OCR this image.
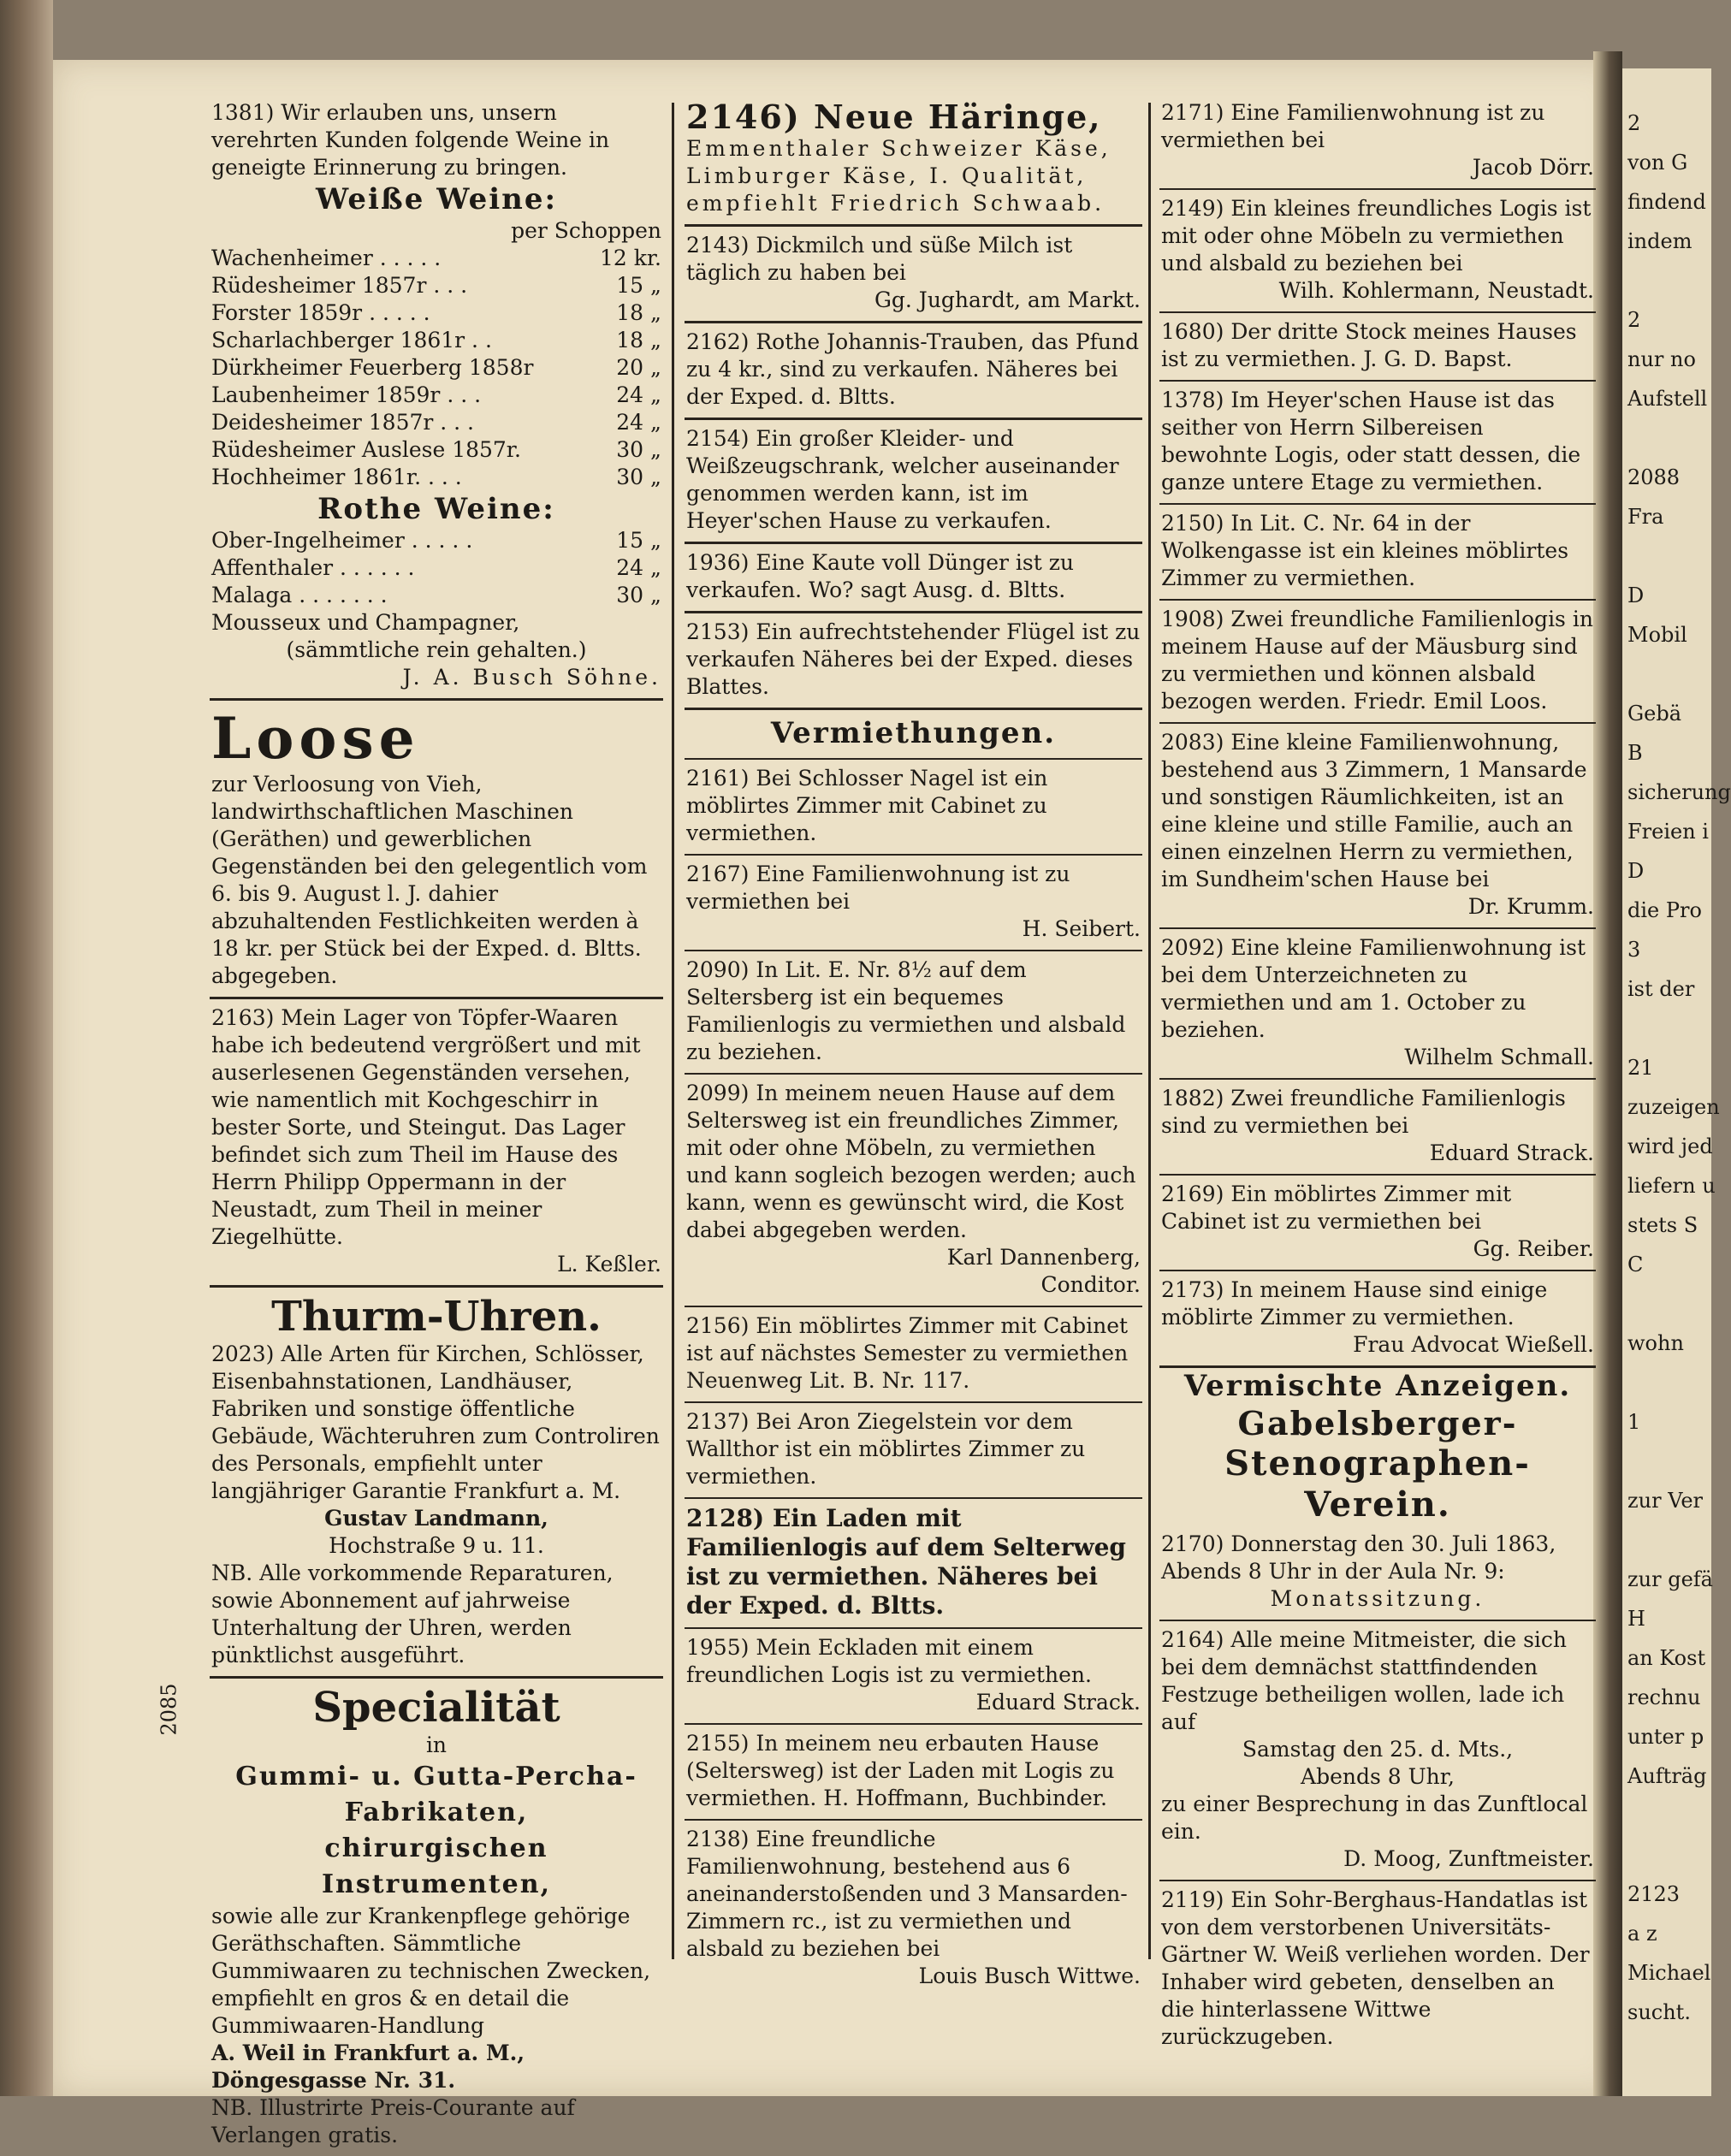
2
von G
findend
indem
2
nur no
Aufstell
2088
Fra
D
Mobil
Gebä
B
sicherung
Freien i
D
die Pro
3
ist der
21
zuzeigen
wird jed
liefern u
stets S
C
wohn
1
zur Ver
zur gefä
H
an Kost
rechnu
unter p
Aufträg
2123
a z
Michael
sucht.
1381) Wir erlauben uns, unsern verehrten Kunden folgende Weine in geneigte Erinnerung zu bringen.
Weiße Weine:
per Schoppen
Wachenheimer . . . . .	12 kr.
Rüdesheimer 1857r . . .	15 „
Forster 1859r . . . . .	18 „
Scharlachberger 1861r . .	18 „
Dürkheimer Feuerberg 1858r	20 „
Laubenheimer 1859r . . .	24 „
Deidesheimer 1857r . . .	24 „
Rüdesheimer Auslese 1857r.	30 „
Hochheimer 1861r. . . .	30 „
Rothe Weine:
Ober-Ingelheimer . . . . .	15 „
Affenthaler . . . . . .	24 „
Malaga . . . . . . .	30 „
Mousseux und Champagner,
(sämmtliche rein gehalten.)
J. A. Busch Söhne.
Loose
zur Verloosung von Vieh, landwirthschaftlichen Maschinen (Geräthen) und gewerblichen Gegenständen bei den gelegentlich vom 6. bis 9. August l. J. dahier abzuhaltenden Festlichkeiten werden à 18 kr. per Stück bei der Exped. d. Bltts. abgegeben.
2163) Mein Lager von Töpfer-Waaren habe ich bedeutend vergrößert und mit auserlesenen Gegenständen versehen, wie namentlich mit Kochgeschirr in bester Sorte, und Steingut. Das Lager befindet sich zum Theil im Hause des Herrn Philipp Oppermann in der Neustadt, zum Theil in meiner Ziegelhütte.
L. Keßler.
Thurm-Uhren.
2023) Alle Arten für Kirchen, Schlösser, Eisenbahnstationen, Landhäuser, Fabriken und sonstige öffentliche Gebäude, Wächteruhren zum Controliren des Personals, empfiehlt unter langjähriger Garantie Frankfurt a. M.
Gustav Landmann,
Hochstraße 9 u. 11.
NB. Alle vorkommende Reparaturen, sowie Abonnement auf jahrweise Unterhaltung der Uhren, werden pünktlichst ausgeführt.
2085	Specialität
in
Gummi- u. Gutta-Percha-Fabrikaten,
chirurgischen Instrumenten,
sowie alle zur Krankenpflege gehörige Geräthschaften. Sämmtliche Gummiwaaren zu technischen Zwecken, empfiehlt en gros & en detail die Gummiwaaren-Handlung
A. Weil in Frankfurt a. M., Döngesgasse Nr. 31.
NB. Illustrirte Preis-Courante auf Verlangen gratis.
2146) Neue Häringe,
Emmenthaler Schweizer Käse,
Limburger Käse, I. Qualität,
empfiehlt Friedrich Schwaab.
2143) Dickmilch und süße Milch ist täglich zu haben bei
Gg. Jughardt, am Markt.
2162) Rothe Johannis-Trauben, das Pfund zu 4 kr., sind zu verkaufen. Näheres bei der Exped. d. Bltts.
2154) Ein großer Kleider- und Weißzeugschrank, welcher auseinander genommen werden kann, ist im Heyer'schen Hause zu verkaufen.
1936) Eine Kaute voll Dünger ist zu verkaufen. Wo? sagt Ausg. d. Bltts.
2153) Ein aufrechtstehender Flügel ist zu verkaufen Näheres bei der Exped. dieses Blattes.
Vermiethungen.
2161) Bei Schlosser Nagel ist ein möblirtes Zimmer mit Cabinet zu vermiethen.
2167) Eine Familienwohnung ist zu vermiethen bei
H. Seibert.
2090) In Lit. E. Nr. 8½ auf dem Seltersberg ist ein bequemes Familienlogis zu vermiethen und alsbald zu beziehen.
2099) In meinem neuen Hause auf dem Seltersweg ist ein freundliches Zimmer, mit oder ohne Möbeln, zu vermiethen und kann sogleich bezogen werden; auch kann, wenn es gewünscht wird, die Kost dabei abgegeben werden.
Karl Dannenberg,
Conditor.
2156) Ein möblirtes Zimmer mit Cabinet ist auf nächstes Semester zu vermiethen Neuenweg Lit. B. Nr. 117.
2137) Bei Aron Ziegelstein vor dem Wallthor ist ein möblirtes Zimmer zu vermiethen.
2128) Ein Laden mit Familienlogis auf dem Selterweg ist zu vermiethen. Näheres bei der Exped. d. Bltts.
1955) Mein Eckladen mit einem freundlichen Logis ist zu vermiethen.
Eduard Strack.
2155) In meinem neu erbauten Hause (Seltersweg) ist der Laden mit Logis zu vermiethen. H. Hoffmann, Buchbinder.
2138) Eine freundliche Familienwohnung, bestehend aus 6 aneinanderstoßenden und 3 Mansarden-Zimmern rc., ist zu vermiethen und alsbald zu beziehen bei
Louis Busch Wittwe.
2171) Eine Familienwohnung ist zu vermiethen bei
Jacob Dörr.
2149) Ein kleines freundliches Logis ist mit oder ohne Möbeln zu vermiethen und alsbald zu beziehen bei
Wilh. Kohlermann, Neustadt.
1680) Der dritte Stock meines Hauses ist zu vermiethen. J. G. D. Bapst.
1378) Im Heyer'schen Hause ist das seither von Herrn Silbereisen bewohnte Logis, oder statt dessen, die ganze untere Etage zu vermiethen.
2150) In Lit. C. Nr. 64 in der Wolkengasse ist ein kleines möblirtes Zimmer zu vermiethen.
1908) Zwei freundliche Familienlogis in meinem Hause auf der Mäusburg sind zu vermiethen und können alsbald bezogen werden. Friedr. Emil Loos.
2083) Eine kleine Familienwohnung, bestehend aus 3 Zimmern, 1 Mansarde und sonstigen Räumlichkeiten, ist an eine kleine und stille Familie, auch an einen einzelnen Herrn zu vermiethen, im Sundheim'schen Hause bei
Dr. Krumm.
2092) Eine kleine Familienwohnung ist bei dem Unterzeichneten zu vermiethen und am 1. October zu beziehen.
Wilhelm Schmall.
1882) Zwei freundliche Familienlogis sind zu vermiethen bei
Eduard Strack.
2169) Ein möblirtes Zimmer mit Cabinet ist zu vermiethen bei
Gg. Reiber.
2173) In meinem Hause sind einige möblirte Zimmer zu vermiethen.
Frau Advocat Wießell.
Vermischte Anzeigen.
Gabelsberger-
Stenographen-Verein.
2170) Donnerstag den 30. Juli 1863, Abends 8 Uhr in der Aula Nr. 9:
Monatssitzung.
2164) Alle meine Mitmeister, die sich bei dem demnächst stattfindenden Festzuge betheiligen wollen, lade ich auf
Samstag den 25. d. Mts.,
Abends 8 Uhr,
zu einer Besprechung in das Zunftlocal ein.
D. Moog, Zunftmeister.
2119) Ein Sohr-Berghaus-Handatlas ist von dem verstorbenen Universitäts-Gärtner W. Weiß verliehen worden. Der Inhaber wird gebeten, denselben an die hinterlassene Wittwe zurückzugeben.
